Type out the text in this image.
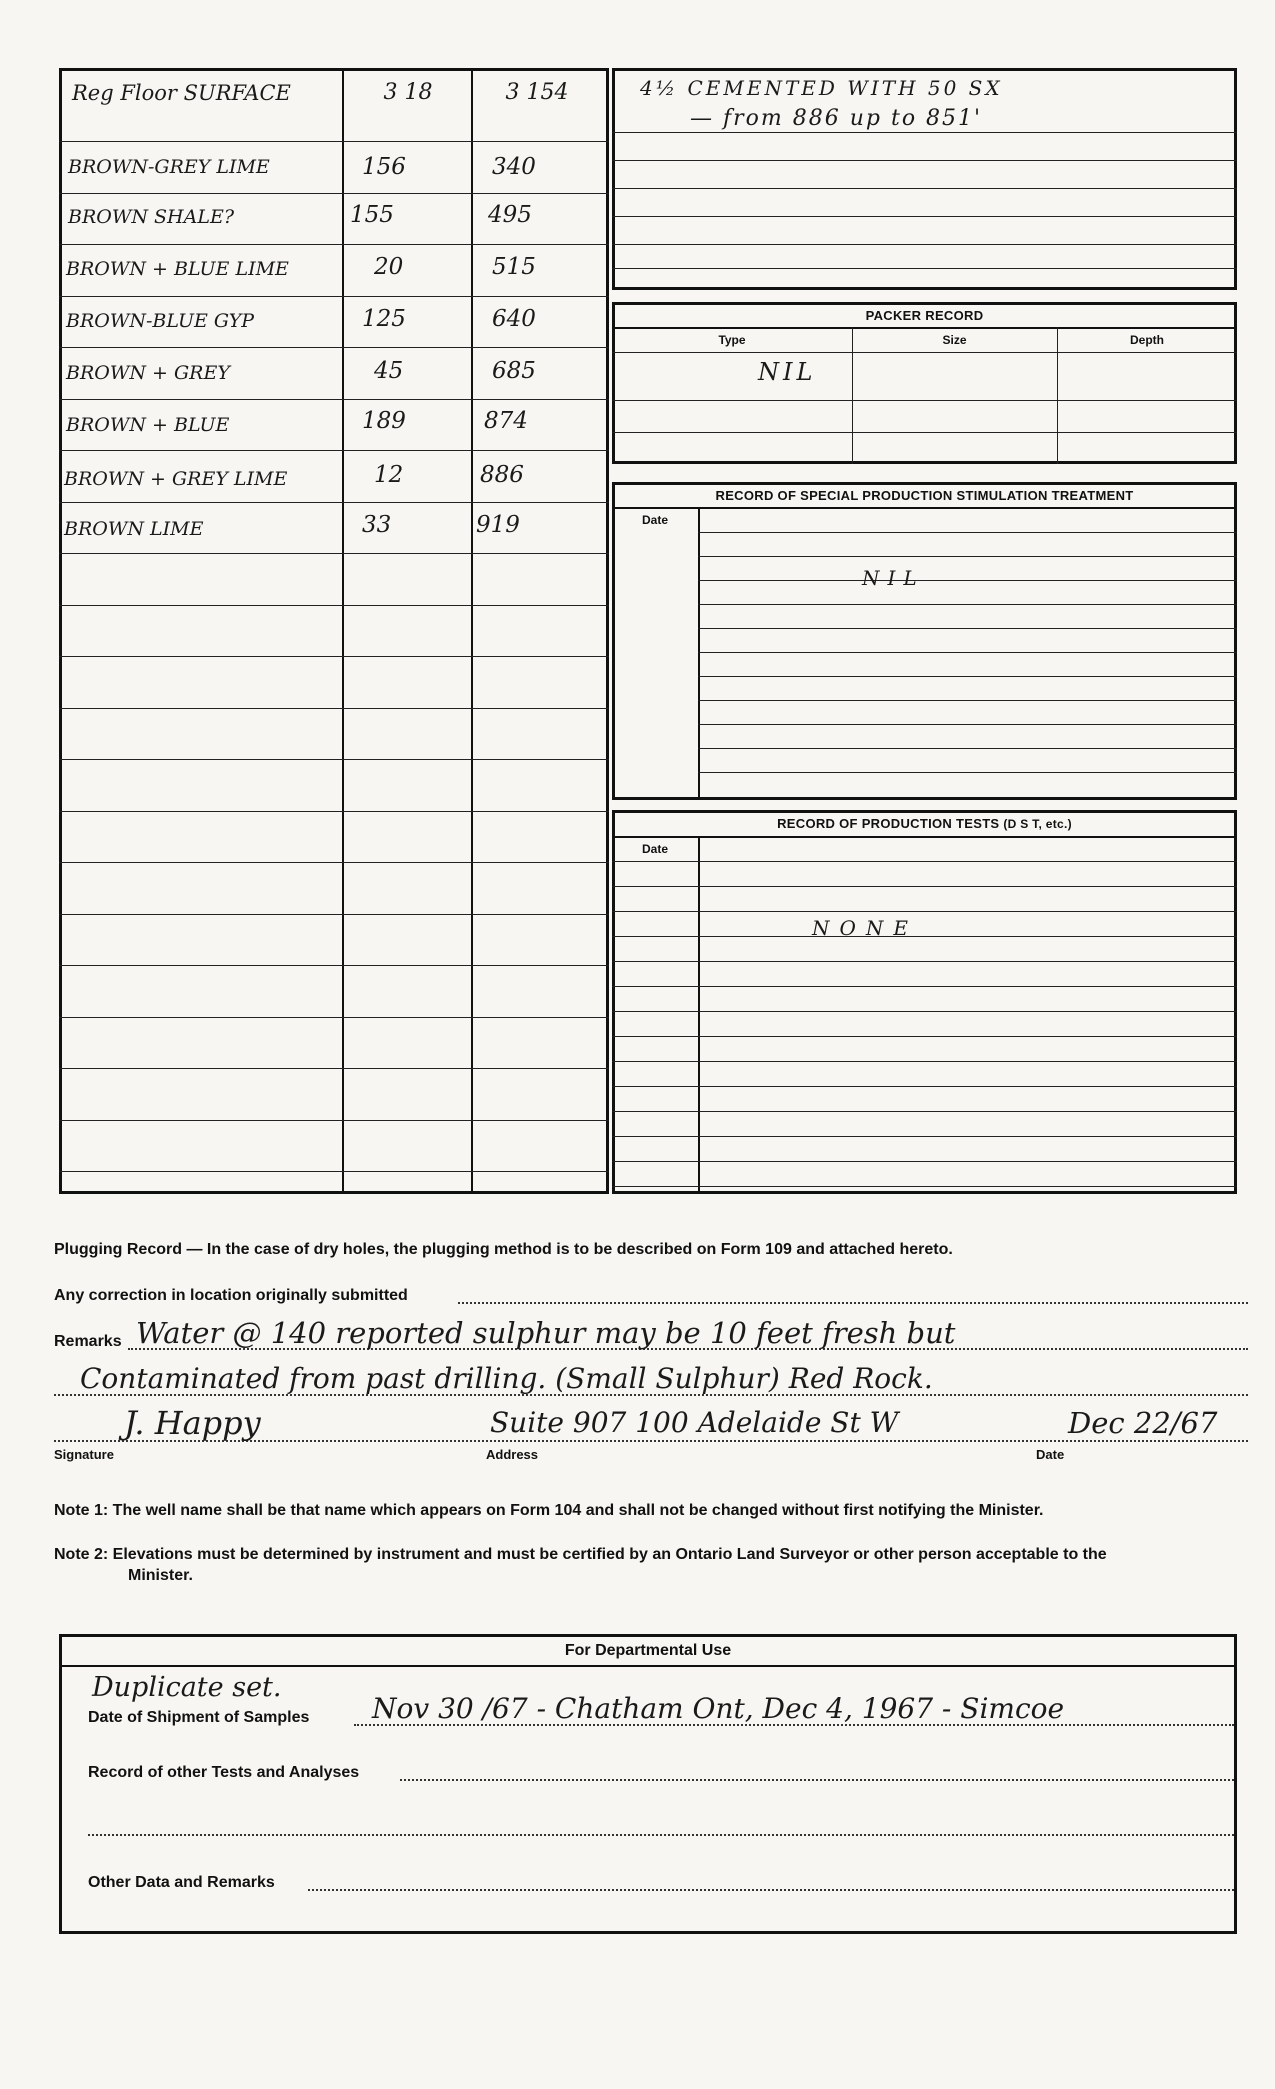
Reg Floor SURFACE	3 18	3 154
BROWN-GREY LIME	156	340
BROWN SHALE?	155	495
BROWN + BLUE LIME	20	515
BROWN-BLUE GYP	125	640
BROWN + GREY	45	685
BROWN + BLUE	189	874
BROWN + GREY LIME	12	886
BROWN LIME	33	919
4½ CEMENTED WITH 50 SX
— from 886 up to 851'
PACKER RECORD
Type	Size	Depth
NIL
RECORD OF SPECIAL PRODUCTION STIMULATION TREATMENT
Date
NIL
RECORD OF PRODUCTION TESTS (D S T, etc.)
Date
NONE
Plugging Record — In the case of dry holes, the plugging method is to be described on Form 109 and attached hereto.
Any correction in location originally submitted
Remarks Water @ 140 reported sulphur may be 10 feet fresh but
Contaminated from past drilling. (Small Sulphur) Red Rock.
J. Happy	Suite 907 100 Adelaide St W	Dec 22/67
Signature	Address	Date
Note 1: The well name shall be that name which appears on Form 104 and shall not be changed without first notifying the Minister.
Note 2: Elevations must be determined by instrument and must be certified by an Ontario Land Surveyor or other person acceptable to the
Minister.
For Departmental Use
Duplicate set.
Date of Shipment of Samples Nov 30 /67 - Chatham Ont, Dec 4, 1967 - Simcoe
Record of other Tests and Analyses
Other Data and Remarks
